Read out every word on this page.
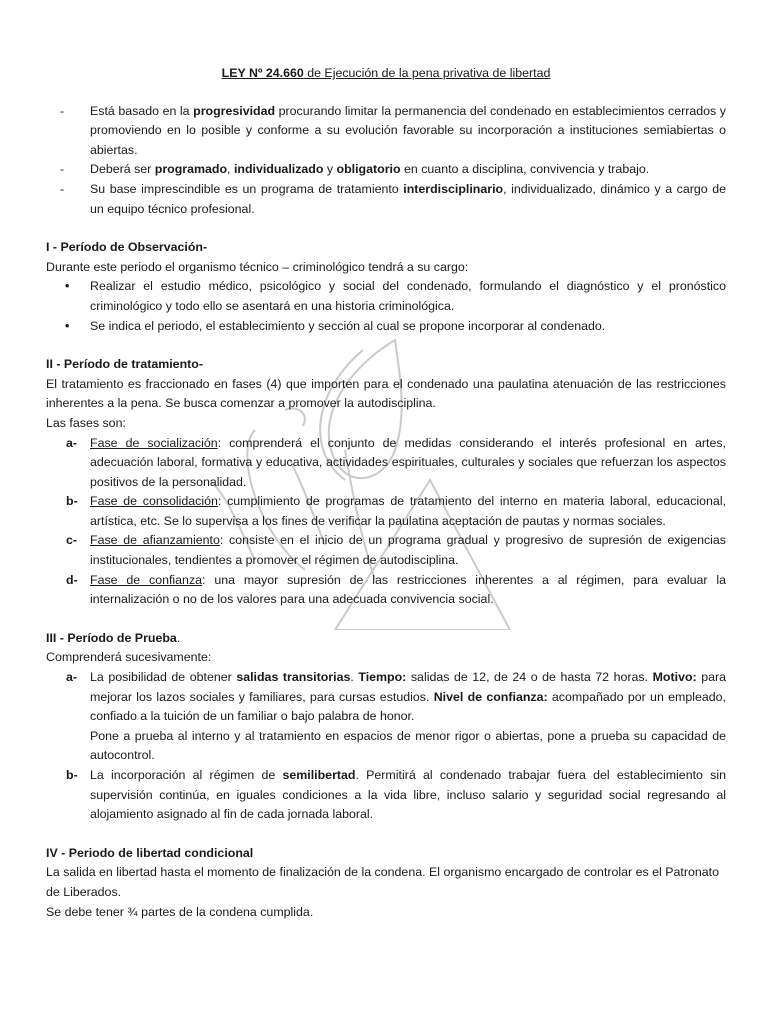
LEY Nº 24.660 de Ejecución de la pena privativa de libertad
- Está basado en la progresividad procurando limitar la permanencia del condenado en establecimientos cerrados y promoviendo en lo posible y conforme a su evolución favorable su incorporación a instituciones semiabiertas o abiertas.
- Deberá ser programado, individualizado y obligatorio en cuanto a disciplina, convivencia y trabajo.
- Su base imprescindible es un programa de tratamiento interdisciplinario, individualizado, dinámico y a cargo de un equipo técnico profesional.
I - Período de Observación-
Durante este periodo el organismo técnico – criminológico tendrá a su cargo:
• Realizar el estudio médico, psicológico y social del condenado, formulando el diagnóstico y el pronóstico criminológico y todo ello se asentará en una historia criminológica.
• Se indica el periodo, el establecimiento y sección al cual se propone incorporar al condenado.
II - Período de tratamiento-
El tratamiento es fraccionado en fases (4) que importen para el condenado una paulatina atenuación de las restricciones inherentes a la pena. Se busca comenzar a promover la autodisciplina.
Las fases son:
a- Fase de socialización: comprenderá el conjunto de medidas considerando el interés profesional en artes, adecuación laboral, formativa y educativa, actividades espirituales, culturales y sociales que refuerzan los aspectos positivos de la personalidad.
b- Fase de consolidación: cumplimiento de programas de tratamiento del interno en materia laboral, educacional, artística, etc. Se lo supervisa a los fines de verificar la paulatina aceptación de pautas y normas sociales.
c- Fase de afianzamiento: consiste en el inicio de un programa gradual y progresivo de supresión de exigencias institucionales, tendientes a promover el régimen de autodisciplina.
d- Fase de confianza: una mayor supresión de las restricciones inherentes a al régimen, para evaluar la internalización o no de los valores para una adecuada convivencia social.
III - Período de Prueba.
Comprenderá sucesivamente:
a- La posibilidad de obtener salidas transitorias. Tiempo: salidas de 12, de 24 o de hasta 72 horas. Motivo: para mejorar los lazos sociales y familiares, para cursas estudios. Nivel de confianza: acompañado por un empleado, confiado a la tuición de un familiar o bajo palabra de honor.
Pone a prueba al interno y al tratamiento en espacios de menor rigor o abiertas, pone a prueba su capacidad de autocontrol.
b- La incorporación al régimen de semilibertad. Permitirá al condenado trabajar fuera del establecimiento sin supervisión continúa, en iguales condiciones a la vida libre, incluso salario y seguridad social regresando al alojamiento asignado al fin de cada jornada laboral.
IV - Periodo de libertad condicional
La salida en libertad hasta el momento de finalización de la condena. El organismo encargado de controlar es el Patronato de Liberados.
Se debe tener ¾ partes de la condena cumplida.
